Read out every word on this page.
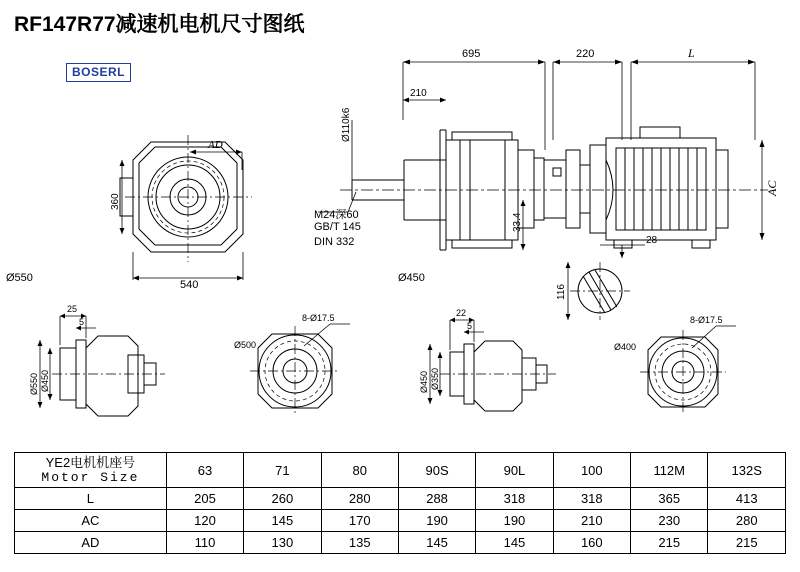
RF147R77减速机电机尺寸图纸
BOSERL
695	220	L
210
AC
33.4
Ø110k6
28
116
AD
360
540
25
5
Ø550 Ø450
8-Ø17.5
Ø500
22
5
Ø450 Ø350
8-Ø17.5
Ø400
Ø550	Ø450
M24深60
GB/T 145
DIN 332
YE2电机机座号
Motor Size	63	71	80	90S	90L	100	112M	132S
L	205	260	280	288	318	318	365	413
AC	120	145	170	190	190	210	230	280
AD	110	130	135	145	145	160	215	215
